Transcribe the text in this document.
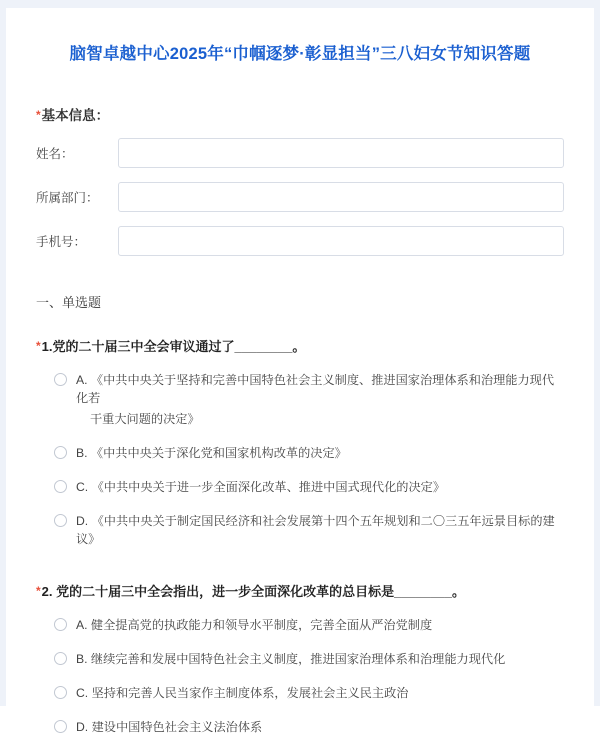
脑智卓越中心2025年“巾帼逐梦·彰显担当”三八妇女节知识答题
*基本信息：
姓名：
所属部门：
手机号：
一、单选题
*1.党的二十届三中全会审议通过了________。
A. 《中共中央关于坚持和完善中国特色社会主义制度、推进国家治理体系和治理能力现代化若
干重大问题的决定》
B. 《中共中央关于深化党和国家机构改革的决定》
C. 《中共中央关于进一步全面深化改革、推进中国式现代化的决定》
D. 《中共中央关于制定国民经济和社会发展第十四个五年规划和二〇三五年远景目标的建议》
*2. 党的二十届三中全会指出，进一步全面深化改革的总目标是________。
A. 健全提高党的执政能力和领导水平制度，完善全面从严治党制度
B. 继续完善和发展中国特色社会主义制度，推进国家治理体系和治理能力现代化
C. 坚持和完善人民当家作主制度体系，发展社会主义民主政治
D. 建设中国特色社会主义法治体系
